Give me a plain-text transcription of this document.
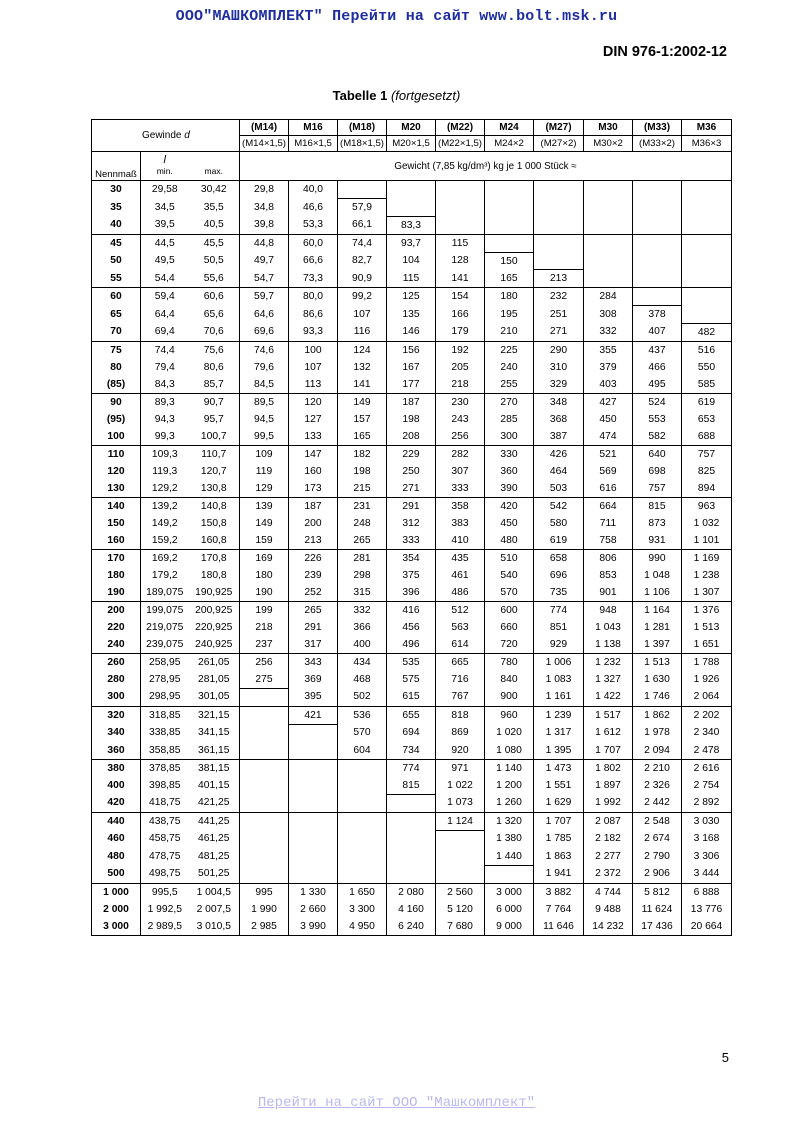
ООО"МАШКОМПЛЕКТ" Перейти на сайт www.bolt.msk.ru
DIN 976-1:2002-12
Tabelle 1 (fortgesetzt)
Gewinde d			(M14)	M16	(M18)	M20	(M22)	M24	(M27)	M30	(M33)	M36
			(M14×1,5)	M16×1,5	(M18×1,5)	M20×1,5	(M22×1,5)	M24×2	(M27×2)	M30×2	(M33×2)	M36×3
Nennmaß	l
min.	max.	Gewicht (7,85 kg/dm³) kg je 1 000 Stück ≈									
30	29,58	30,42	29,8	40,0								
35	34,5	35,5	34,8	46,6	57,9							
40	39,5	40,5	39,8	53,3	66,1	83,3						
45	44,5	45,5	44,8	60,0	74,4	93,7	115					
50	49,5	50,5	49,7	66,6	82,7	104	128	150				
55	54,4	55,6	54,7	73,3	90,9	115	141	165	213			
60	59,4	60,6	59,7	80,0	99,2	125	154	180	232	284		
65	64,4	65,6	64,6	86,6	107	135	166	195	251	308	378	
70	69,4	70,6	69,6	93,3	116	146	179	210	271	332	407	482
75	74,4	75,6	74,6	100	124	156	192	225	290	355	437	516
80	79,4	80,6	79,6	107	132	167	205	240	310	379	466	550
(85)	84,3	85,7	84,5	113	141	177	218	255	329	403	495	585
90	89,3	90,7	89,5	120	149	187	230	270	348	427	524	619
(95)	94,3	95,7	94,5	127	157	198	243	285	368	450	553	653
100	99,3	100,7	99,5	133	165	208	256	300	387	474	582	688
110	109,3	110,7	109	147	182	229	282	330	426	521	640	757
120	119,3	120,7	119	160	198	250	307	360	464	569	698	825
130	129,2	130,8	129	173	215	271	333	390	503	616	757	894
140	139,2	140,8	139	187	231	291	358	420	542	664	815	963
150	149,2	150,8	149	200	248	312	383	450	580	711	873	1 032
160	159,2	160,8	159	213	265	333	410	480	619	758	931	1 101
170	169,2	170,8	169	226	281	354	435	510	658	806	990	1 169
180	179,2	180,8	180	239	298	375	461	540	696	853	1 048	1 238
190	189,075	190,925	190	252	315	396	486	570	735	901	1 106	1 307
200	199,075	200,925	199	265	332	416	512	600	774	948	1 164	1 376
220	219,075	220,925	218	291	366	456	563	660	851	1 043	1 281	1 513
240	239,075	240,925	237	317	400	496	614	720	929	1 138	1 397	1 651
260	258,95	261,05	256	343	434	535	665	780	1 006	1 232	1 513	1 788
280	278,95	281,05	275	369	468	575	716	840	1 083	1 327	1 630	1 926
300	298,95	301,05		395	502	615	767	900	1 161	1 422	1 746	2 064
320	318,85	321,15		421	536	655	818	960	1 239	1 517	1 862	2 202
340	338,85	341,15			570	694	869	1 020	1 317	1 612	1 978	2 340
360	358,85	361,15			604	734	920	1 080	1 395	1 707	2 094	2 478
380	378,85	381,15				774	971	1 140	1 473	1 802	2 210	2 616
400	398,85	401,15				815	1 022	1 200	1 551	1 897	2 326	2 754
420	418,75	421,25					1 073	1 260	1 629	1 992	2 442	2 892
440	438,75	441,25					1 124	1 320	1 707	2 087	2 548	3 030
460	458,75	461,25						1 380	1 785	2 182	2 674	3 168
480	478,75	481,25						1 440	1 863	2 277	2 790	3 306
500	498,75	501,25							1 941	2 372	2 906	3 444
1 000	995,5	1 004,5	995	1 330	1 650	2 080	2 560	3 000	3 882	4 744	5 812	6 888
2 000	1 992,5	2 007,5	1 990	2 660	3 300	4 160	5 120	6 000	7 764	9 488	11 624	13 776
3 000	2 989,5	3 010,5	2 985	3 990	4 950	6 240	7 680	9 000	11 646	14 232	17 436	20 664
5
Перейти на сайт ООО "Машкомплект"
